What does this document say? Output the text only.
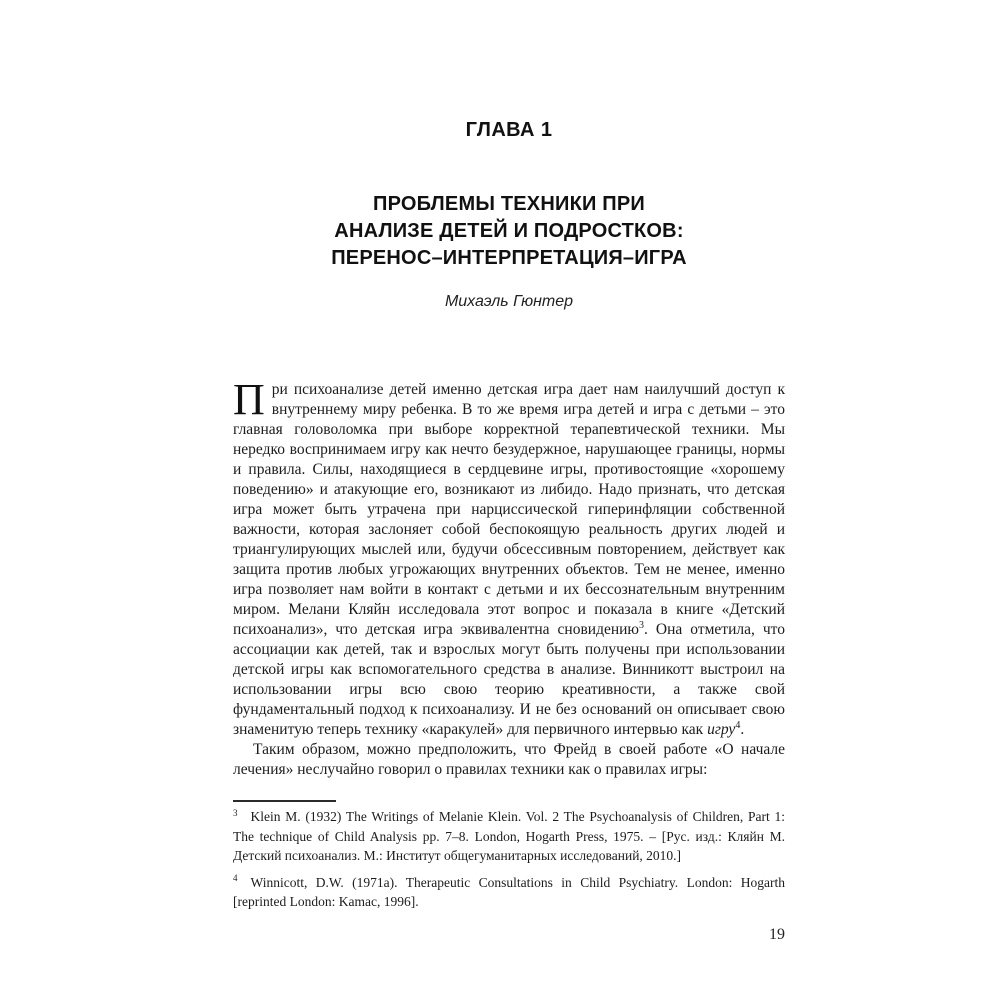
ГЛАВА 1
ПРОБЛЕМЫ ТЕХНИКИ ПРИ
АНАЛИЗЕ ДЕТЕЙ И ПОДРОСТКОВ:
ПЕРЕНОС–ИНТЕРПРЕТАЦИЯ–ИГРА
Михаэль Гюнтер

При психоанализе детей именно детская игра дает нам наилучший доступ к внутреннему миру ребенка. В то же время игра детей и игра с детьми – это главная головоломка при выборе корректной терапевтической техники. Мы нередко воспринимаем игру как нечто безудержное, нарушающее границы, нормы и правила. Силы, находящиеся в сердцевине игры, противостоящие «хорошему поведению» и атакующие его, возникают из либидо. Надо признать, что детская игра может быть утрачена при нарциссической гиперинфляции собственной важности, которая заслоняет собой беспокоящую реальность других людей и триангулирующих мыслей или, будучи обсессивным повторением, действует как защита против любых угрожающих внутренних объектов. Тем не менее, именно игра позволяет нам войти в контакт с детьми и их бессознательным внутренним миром. Мелани Кляйн исследовала этот вопрос и показала в книге «Детский психоанализ», что детская игра эквивалентна сновидению$^3$. Она отметила, что ассоциации как детей, так и взрослых могут быть получены при использовании детской игры как вспомогательного средства в анализе. Винникотт выстроил на использовании игры всю свою теорию креативности, а также свой фундаментальный подход к психоанализу. И не без оснований он описывает свою знаменитую теперь технику «каракулей» для первичного интервью как игру$^4$.

Таким образом, можно предположить, что Фрейд в своей работе «О начале лечения» неслучайно говорил о правилах техники как о правилах игры:

$^3$ Klein M. (1932) The Writings of Melanie Klein. Vol. 2 The Psychoanalysis of Children, Part 1: The technique of Child Analysis pp. 7–8. London, Hogarth Press, 1975. – [Рус. изд.: Кляйн М. Детский психоанализ. М.: Институт общегуманитарных исследований, 2010.]
$^4$ Winnicott, D.W. (1971a). Therapeutic Consultations in Child Psychiatry. London: Hogarth [reprinted London: Kamac, 1996].
19
